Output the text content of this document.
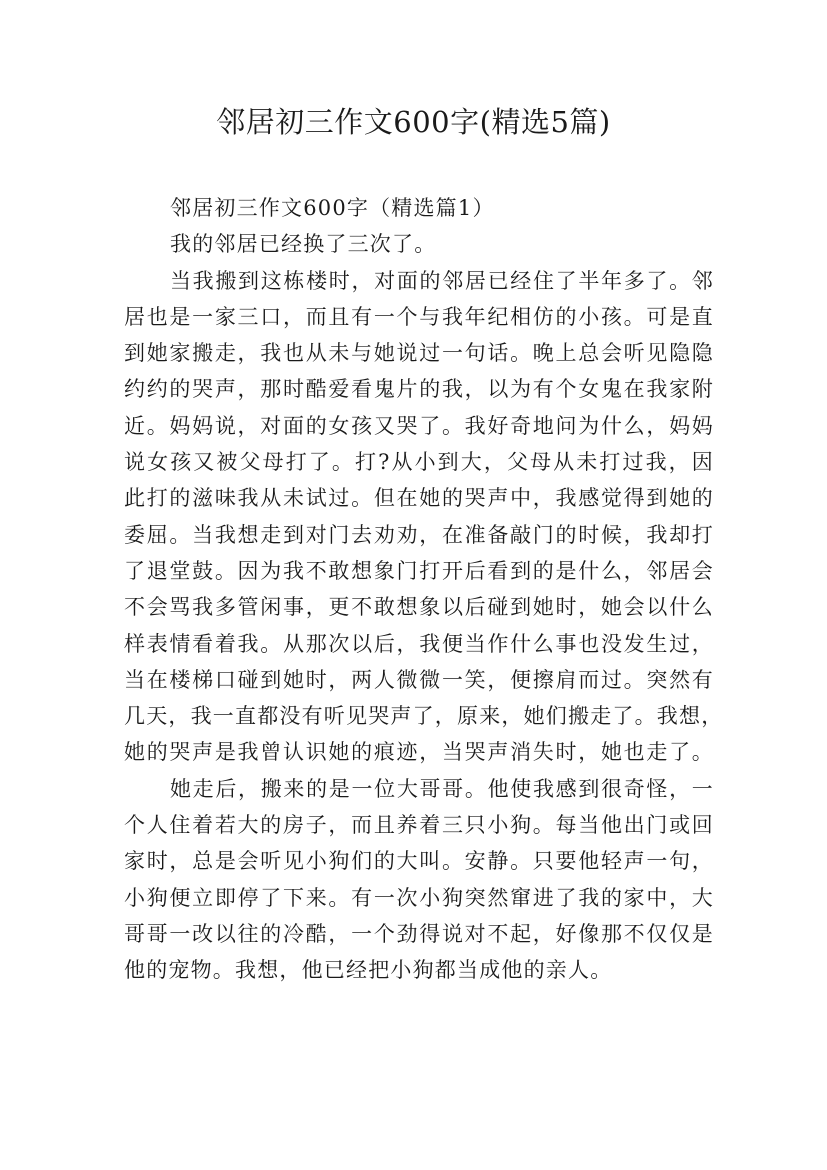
邻居初三作文600字(精选5篇)
邻居初三作文600字（精选篇1）
我的邻居已经换了三次了。
当我搬到这栋楼时，对面的邻居已经住了半年多了。邻
居也是一家三口，而且有一个与我年纪相仿的小孩。可是直
到她家搬走，我也从未与她说过一句话。晚上总会听见隐隐
约约的哭声，那时酷爱看鬼片的我，以为有个女鬼在我家附
近。妈妈说，对面的女孩又哭了。我好奇地问为什么，妈妈
说女孩又被父母打了。打?从小到大，父母从未打过我，因
此打的滋味我从未试过。但在她的哭声中，我感觉得到她的
委屈。当我想走到对门去劝劝，在准备敲门的时候，我却打
了退堂鼓。因为我不敢想象门打开后看到的是什么，邻居会
不会骂我多管闲事，更不敢想象以后碰到她时，她会以什么
样表情看着我。从那次以后，我便当作什么事也没发生过，
当在楼梯口碰到她时，两人微微一笑，便擦肩而过。突然有
几天，我一直都没有听见哭声了，原来，她们搬走了。我想，
她的哭声是我曾认识她的痕迹，当哭声消失时，她也走了。
她走后，搬来的是一位大哥哥。他使我感到很奇怪，一
个人住着若大的房子，而且养着三只小狗。每当他出门或回
家时，总是会听见小狗们的大叫。安静。只要他轻声一句，
小狗便立即停了下来。有一次小狗突然窜进了我的家中，大
哥哥一改以往的冷酷，一个劲得说对不起，好像那不仅仅是
他的宠物。我想，他已经把小狗都当成他的亲人。
